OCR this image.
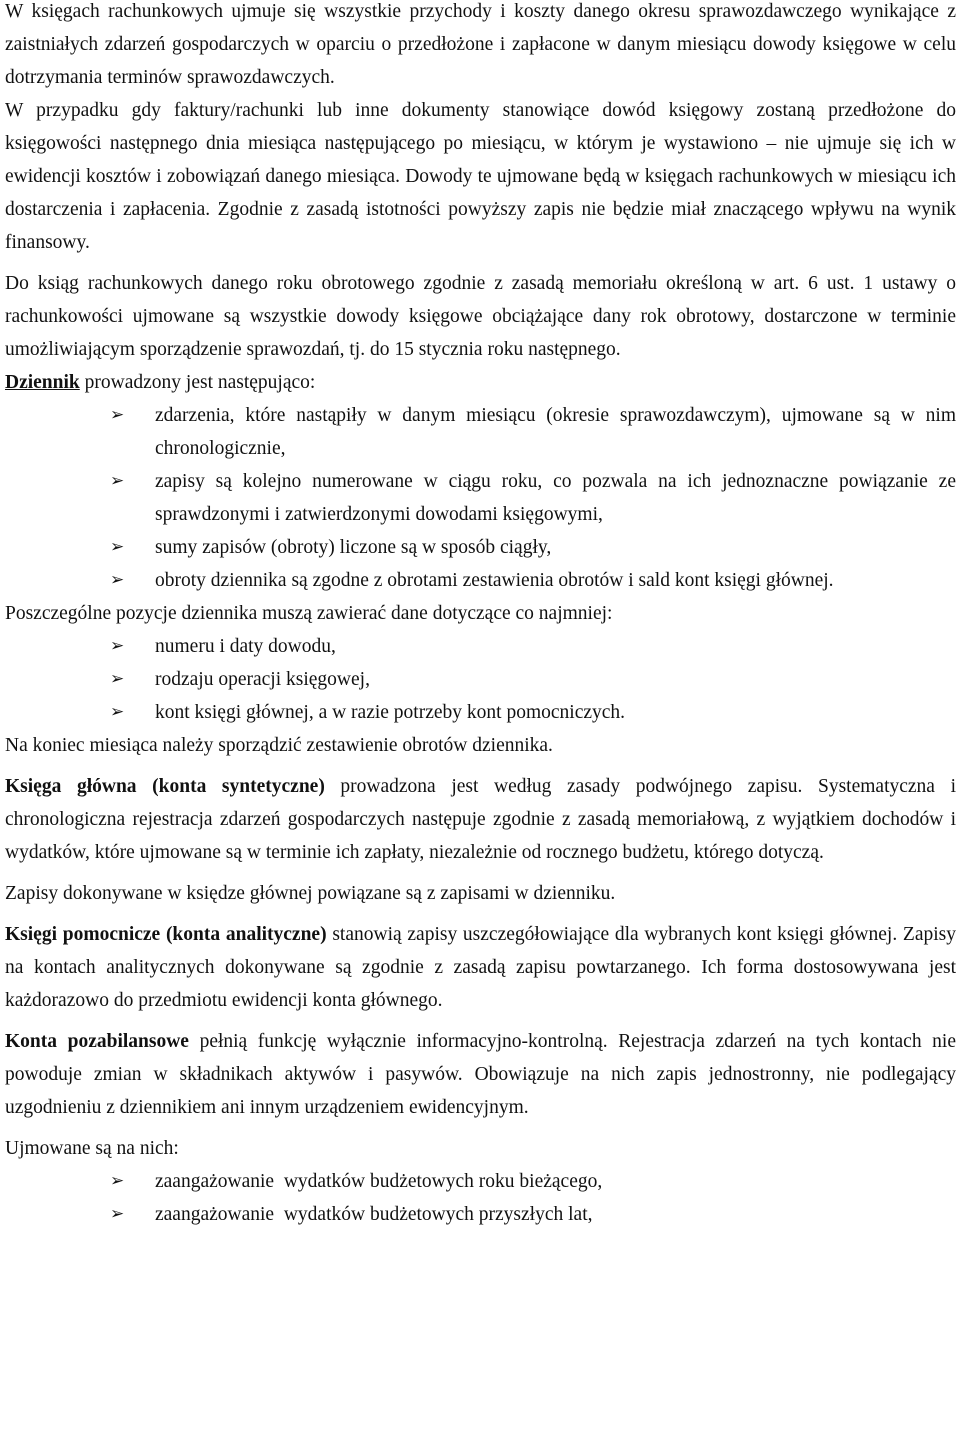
W księgach rachunkowych ujmuje się wszystkie przychody i koszty danego okresu sprawozdawczego wynikające z zaistniałych zdarzeń gospodarczych w oparciu o przedłożone i zapłacone w danym miesiącu dowody księgowe w celu dotrzymania terminów sprawozdawczych.

W przypadku gdy faktury/rachunki lub inne dokumenty stanowiące dowód księgowy zostaną przedłożone do księgowości następnego dnia miesiąca następującego po miesiącu, w którym je wystawiono – nie ujmuje się ich w ewidencji kosztów i zobowiązań danego miesiąca. Dowody te ujmowane będą w księgach rachunkowych w miesiącu ich dostarczenia i zapłacenia. Zgodnie z zasadą istotności powyższy zapis nie będzie miał znaczącego wpływu na wynik finansowy.

Do ksiąg rachunkowych danego roku obrotowego zgodnie z zasadą memoriału określoną w art. 6 ust. 1 ustawy o rachunkowości ujmowane są wszystkie dowody księgowe obciążające dany rok obrotowy, dostarczone w terminie umożliwiającym sporządzenie sprawozdań, tj. do 15 stycznia roku następnego.

Dziennik prowadzony jest następująco:

➢	zdarzenia, które nastąpiły w danym miesiącu (okresie sprawozdawczym), ujmowane są w nim chronologicznie,
➢	zapisy są kolejno numerowane w ciągu roku, co pozwala na ich jednoznaczne powiązanie ze sprawdzonymi i zatwierdzonymi dowodami księgowymi,
➢	sumy zapisów (obroty) liczone są w sposób ciągły,
➢	obroty dziennika są zgodne z obrotami zestawienia obrotów i sald kont księgi głównej.

Poszczególne pozycje dziennika muszą zawierać dane dotyczące co najmniej:

➢	numeru i daty dowodu,
➢	rodzaju operacji księgowej,
➢	kont księgi głównej, a w razie potrzeby kont pomocniczych.

Na koniec miesiąca należy sporządzić zestawienie obrotów dziennika.

Księga główna (konta syntetyczne) prowadzona jest według zasady podwójnego zapisu. Systematyczna i chronologiczna rejestracja zdarzeń gospodarczych następuje zgodnie z zasadą memoriałową, z wyjątkiem dochodów i wydatków, które ujmowane są w terminie ich zapłaty, niezależnie od rocznego budżetu, którego dotyczą.

Zapisy dokonywane w księdze głównej powiązane są z zapisami w dzienniku.

Księgi pomocnicze (konta analityczne) stanowią zapisy uszczegółowiające dla wybranych kont księgi głównej. Zapisy na kontach analitycznych dokonywane są zgodnie z zasadą zapisu powtarzanego. Ich forma dostosowywana jest każdorazowo do przedmiotu ewidencji konta głównego.

Konta pozabilansowe pełnią funkcję wyłącznie informacyjno-kontrolną. Rejestracja zdarzeń na tych kontach nie powoduje zmian w składnikach aktywów i pasywów. Obowiązuje na nich zapis jednostronny, nie podlegający uzgodnieniu z dziennikiem ani innym urządzeniem ewidencyjnym.

Ujmowane są na nich:

➢	zaangażowanie  wydatków budżetowych roku bieżącego,
➢	zaangażowanie  wydatków budżetowych przyszłych lat,
